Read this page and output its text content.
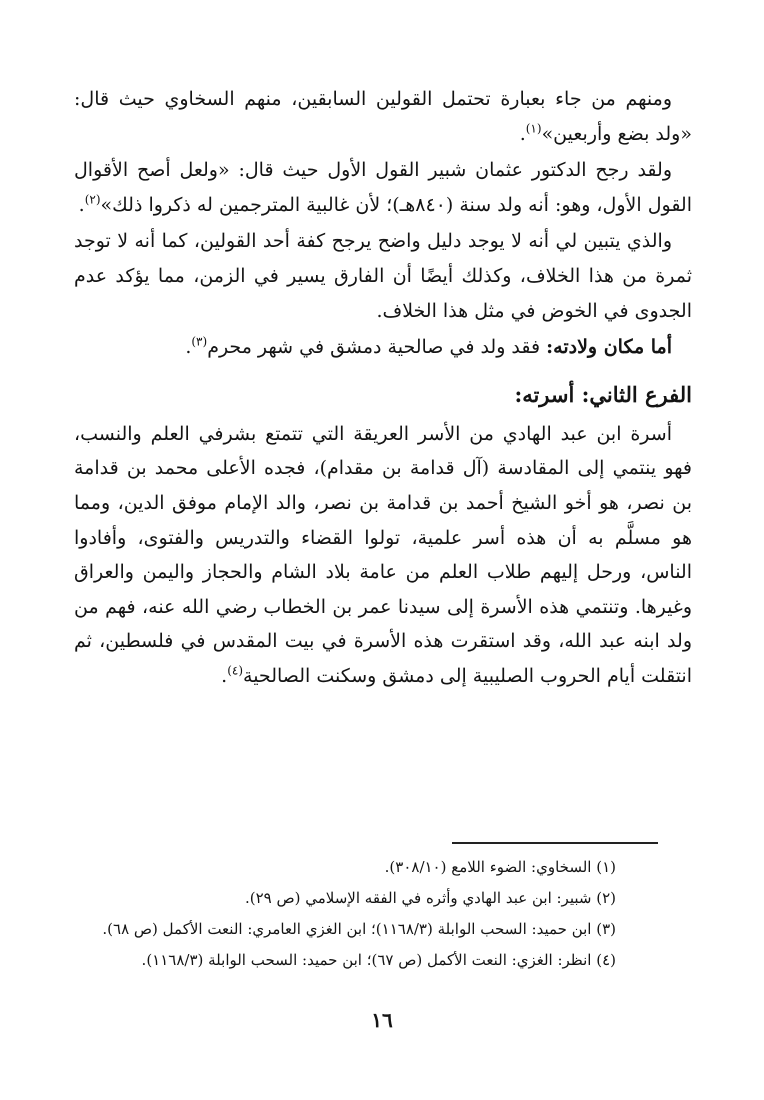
ومنهم من جاء بعبارة تحتمل القولين السابقين، منهم السخاوي حيث قال: «ولد بضع وأربعين»$^{(١)}$.

ولقد رجح الدكتور عثمان شبير القول الأول حيث قال: «ولعل أصح الأقوال القول الأول، وهو: أنه ولد سنة (٨٤٠هـ)؛ لأن غالبية المترجمين له ذكروا ذلك»$^{(٢)}$.

والذي يتبين لي أنه لا يوجد دليل واضح يرجح كفة أحد القولين، كما أنه لا توجد ثمرة من هذا الخلاف، وكذلك أيضًا أن الفارق يسير في الزمن، مما يؤكد عدم الجدوى في الخوض في مثل هذا الخلاف.

أما مكان ولادته: فقد ولد في صالحية دمشق في شهر محرم$^{(٣)}$.

الفرع الثاني: أسرته:

أسرة ابن عبد الهادي من الأسر العريقة التي تتمتع بشرفي العلم والنسب، فهو ينتمي إلى المقادسة (آل قدامة بن مقدام)، فجده الأعلى محمد بن قدامة بن نصر، هو أخو الشيخ أحمد بن قدامة بن نصر، والد الإمام موفق الدين، ومما هو مسلَّم به أن هذه أسر علمية، تولوا القضاء والتدريس والفتوى، وأفادوا الناس، ورحل إليهم طلاب العلم من عامة بلاد الشام والحجاز واليمن والعراق وغيرها. وتنتمي هذه الأسرة إلى سيدنا عمر بن الخطاب رضي الله عنه، فهم من ولد ابنه عبد الله، وقد استقرت هذه الأسرة في بيت المقدس في فلسطين، ثم انتقلت أيام الحروب الصليبية إلى دمشق وسكنت الصالحية$^{(٤)}$.

(١) السخاوي: الضوء اللامع (٣٠٨/١٠).

(٢) شبير: ابن عبد الهادي وأثره في الفقه الإسلامي (ص ٢٩).

(٣) ابن حميد: السحب الوابلة (١١٦٨/٣)؛ ابن الغزي العامري: النعت الأكمل (ص ٦٨).

(٤) انظر: الغزي: النعت الأكمل (ص ٦٧)؛ ابن حميد: السحب الوابلة (١١٦٨/٣).

١٦
